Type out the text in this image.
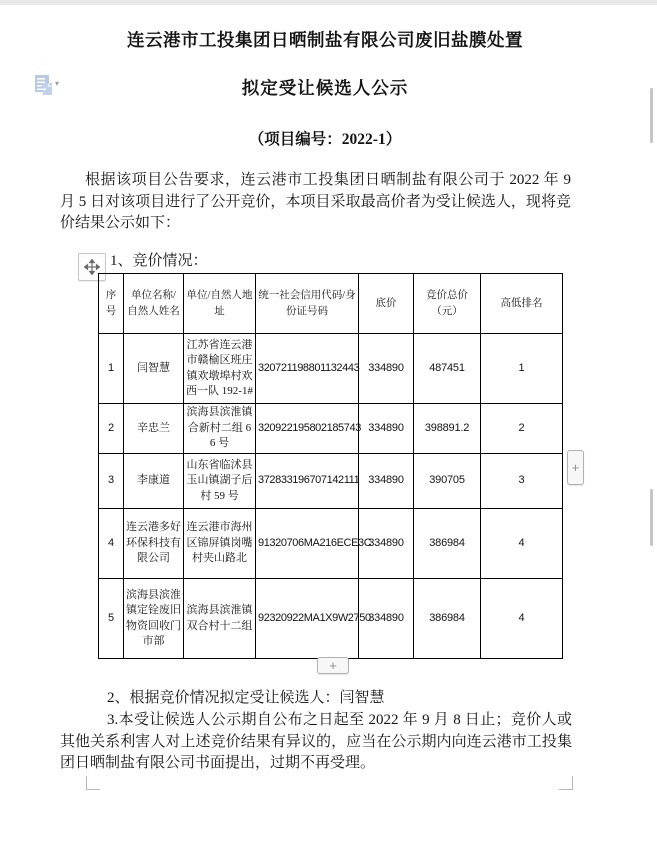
▾
连云港市工投集团日晒制盐有限公司废旧盐膜处置
拟定受让候选人公示
（项目编号：2022-1）

根据该项目公告要求，连云港市工投集团日晒制盐有限公司于 2022 年 9 月 5 日对该项目进行了公开竞价，本项目采取最高价者为受让候选人，现将竞价结果公示如下：

1、竞价情况：
序号	单位名称/自然人姓名	单位/自然人地址	统一社会信用代码/身份证号码	底价	竞价总价（元）	高低排名
1	闫智慧	江苏省连云港市赣榆区班庄镇欢墩埠村欢西一队 192-1#	320721198801132443	334890	487451	1
2	辛忠兰	滨海县滨淮镇合新村二组 66 号	320922195802185743	334890	398891.2	2
3	李康道	山东省临沭县玉山镇湖子后村 59 号	372833196707142111	334890	390705	3
4	连云港多好环保科技有限公司	连云港市海州区锦屏镇岗嘴村夹山路北	91320706MA216ECE3C	334890	386984	4
5	滨海县滨淮镇定铨废旧物资回收门市部	滨海县滨淮镇双合村十二组	92320922MA1X9W2750	334890	386984	4
+
+

2、根据竞价情况拟定受让候选人：闫智慧

3.本受让候选人公示期自公布之日起至 2022 年 9 月 8 日止；竞价人或其他关系利害人对上述竞价结果有异议的，应当在公示期内向连云港市工投集团日晒制盐有限公司书面提出，过期不再受理。
